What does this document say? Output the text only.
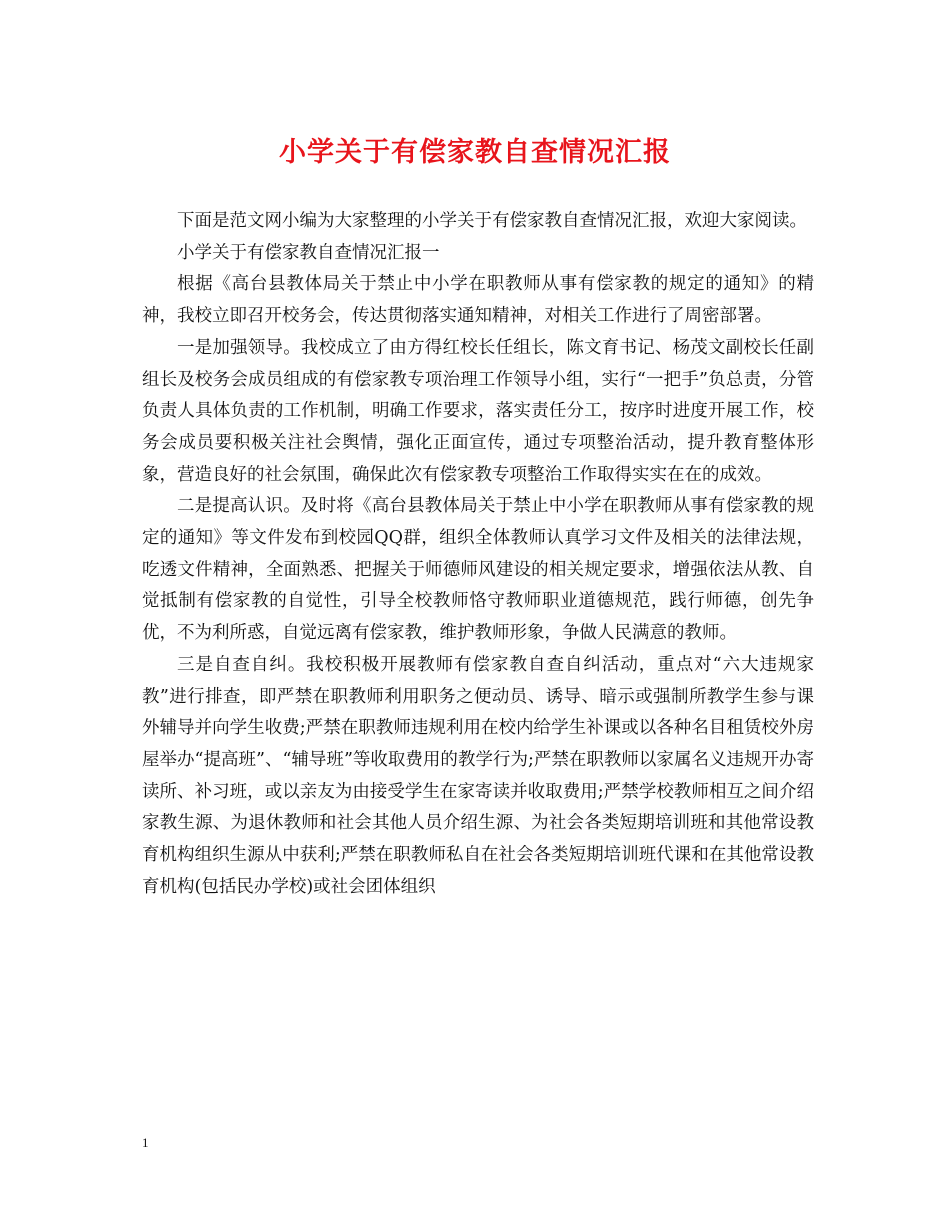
小学关于有偿家教自查情况汇报

下面是范文网小编为大家整理的小学关于有偿家教自查情况汇报，欢迎大家阅读。

小学关于有偿家教自查情况汇报一

根据《高台县教体局关于禁止中小学在职教师从事有偿家教的规定的通知》的精神，我校立即召开校务会，传达贯彻落实通知精神，对相关工作进行了周密部署。

一是加强领导。我校成立了由方得红校长任组长，陈文育书记、杨茂文副校长任副组长及校务会成员组成的有偿家教专项治理工作领导小组，实行“一把手”负总责，分管负责人具体负责的工作机制，明确工作要求，落实责任分工，按序时进度开展工作，校务会成员要积极关注社会舆情，强化正面宣传，通过专项整治活动，提升教育整体形象，营造良好的社会氛围，确保此次有偿家教专项整治工作取得实实在在的成效。

二是提高认识。及时将《高台县教体局关于禁止中小学在职教师从事有偿家教的规定的通知》等文件发布到校园QQ群，组织全体教师认真学习文件及相关的法律法规，吃透文件精神，全面熟悉、把握关于师德师风建设的相关规定要求，增强依法从教、自觉抵制有偿家教的自觉性，引导全校教师恪守教师职业道德规范，践行师德，创先争优，不为利所惑，自觉远离有偿家教，维护教师形象，争做人民满意的教师。

三是自查自纠。我校积极开展教师有偿家教自查自纠活动，重点对“六大违规家教”进行排查，即严禁在职教师利用职务之便动员、诱导、暗示或强制所教学生参与课外辅导并向学生收费;严禁在职教师违规利用在校内给学生补课或以各种名目租赁校外房屋举办“提高班”、“辅导班”等收取费用的教学行为;严禁在职教师以家属名义违规开办寄读所、补习班，或以亲友为由接受学生在家寄读并收取费用;严禁学校教师相互之间介绍家教生源、为退休教师和社会其他人员介绍生源、为社会各类短期培训班和其他常设教育机构组织生源从中获利;严禁在职教师私自在社会各类短期培训班代课和在其他常设教育机构(包括民办学校)或社会团体组织

1
